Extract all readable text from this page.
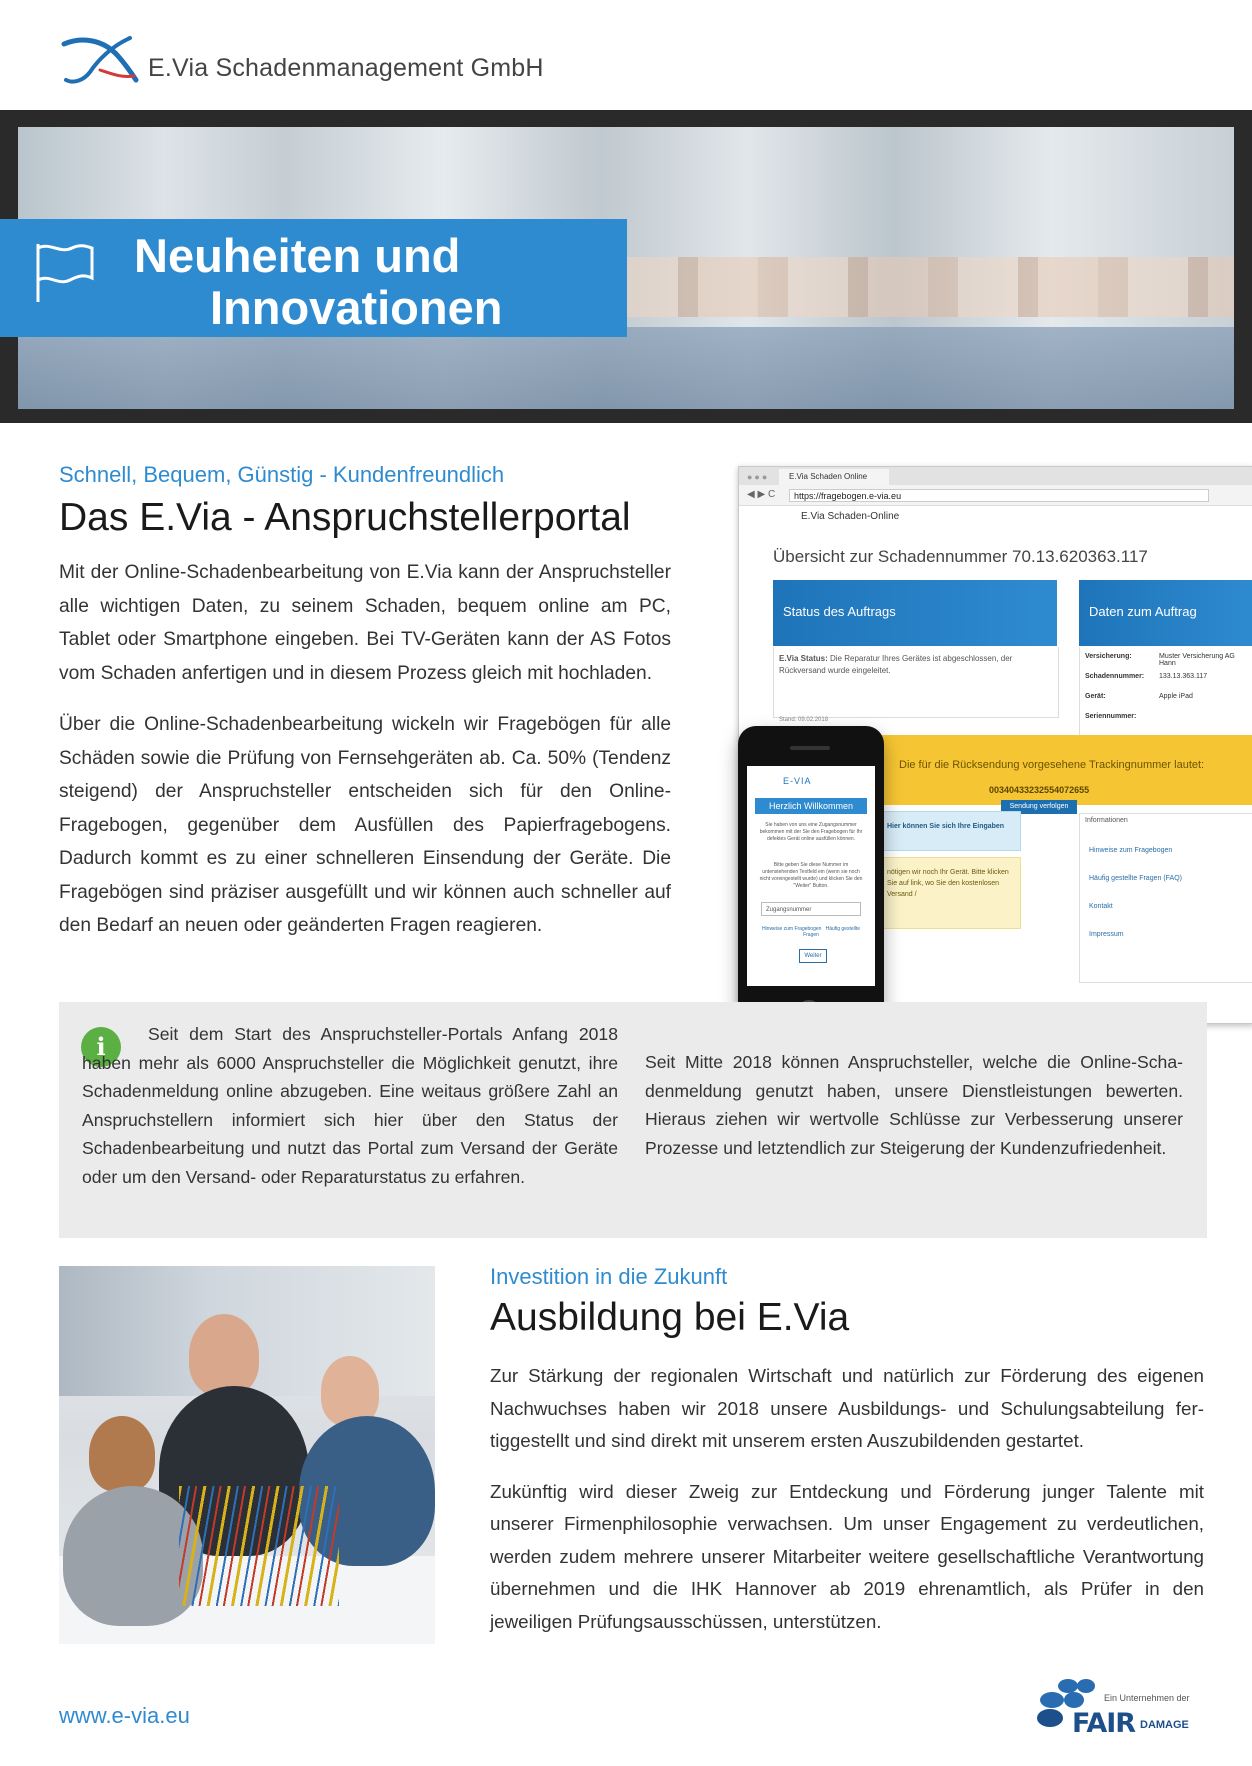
E.Via Schadenmanagement GmbH
Neuheiten und
Innovationen
Schnell, Bequem, Günstig - Kundenfreundlich
Das E.Via - Anspruchstellerportal

Mit der Online-Schadenbearbeitung von E.Via kann der Anspruchsteller alle wichtigen Daten, zu seinem Schaden, bequem online am PC, Tablet oder Smartphone eingeben. Bei TV-Geräten kann der AS Fotos vom Schaden anfertigen und in diesem Prozess gleich mit hochladen.

Über die Online-Schadenbearbeitung wickeln wir Fragebögen für alle Schäden sowie die Prüfung von Fernsehgeräten ab. Ca. 50% (Tendenz steigend) der Anspruchsteller entscheiden sich für den Online-Fragebogen, gegenüber dem Ausfüllen des Papierfragebogens. Dadurch kommt es zu einer schnelleren Einsendung der Geräte. Die Fragebögen sind präziser ausgefüllt und wir können auch schneller auf den Bedarf an neuen oder geänderten Fragen reagieren.

●●●	E.Via Schaden Online
◀ ▶ C	https://fragebogen.e-via.eu
E.Via Schaden-Online
Übersicht zur Schadennummer 70.13.620363.117
Status des Auftrags	Daten zum Auftrag
E.Via Status: Die Reparatur Ihres Gerätes ist abgeschlossen, der Rückversand wurde eingeleitet.
Stand: 09.02.2018
Versicherung:	Muster Versicherung AG Hann
Schadennummer: 133.13.363.117
Gerät:	Apple iPad
Seriennummer:
Die für die Rücksendung vorgesehene Trackingnummer lautet:
00340433232554072655
Sendung verfolgen
Hier können Sie sich Ihre Eingaben
nötigen wir noch Ihr Gerät. Bitte klicken Sie auf link, wo Sie den kostenlosen Versand /
Informationen
Hinweise zum Fragebogen
Häufig gestellte Fragen (FAQ)
Kontakt
Impressum
E-VIA
Herzlich Willkommen
Sie haben von uns eine Zugangsnummer bekommen mit der Sie den Fragebogen für Ihr defektes Gerät online ausfüllen können.
Bitte geben Sie diese Nummer im untenstehenden Textfeld ein (wenn sie noch nicht voreingestellt wurde) und klicken Sie den "Weiter" Button.
Zugangsnummer
Hinweise zum Fragebogen Häufig gestellte Fragen
Weiter
i	Seit dem Start des Anspruchsteller-Portals Anfang 2018 haben mehr als 6000 Anspruchsteller die Möglichkeit genutzt, ihre Schadenmeldung online abzugeben. Eine weitaus größere Zahl an Anspruchstellern informiert sich hier über den Status der Schadenbearbeitung und nutzt das Portal zum Versand der Geräte oder um den Versand- oder Reparaturstatus zu erfahren.
Seit Mitte 2018 können Anspruchsteller, welche die Online-Schadenmeldung genutzt haben, unsere Dienstleistungen bewerten. Hieraus ziehen wir wertvolle Schlüsse zur Verbesserung unserer Prozesse und letztendlich zur Steigerung der Kundenzufriedenheit.
Investition in die Zukunft
Ausbildung bei E.Via

Zur Stärkung der regionalen Wirtschaft und natürlich zur Förderung des eigenen Nachwuchses haben wir 2018 unsere Ausbildungs- und Schulungsabteilung fertiggestellt und sind direkt mit unserem ersten Auszubildenden gestartet.

Zukünftig wird dieser Zweig zur Entdeckung und Förderung junger Talente mit unserer Firmenphilosophie verwachsen. Um unser Engagement zu verdeutlichen, werden zudem mehrere unserer Mitarbeiter weitere gesellschaftliche Verantwortung übernehmen und die IHK Hannover ab 2019 ehrenamtlich, als Prüfer in den jeweiligen Prüfungsausschüssen, unterstützen.

www.e-via.eu
Ein Unternehmen der
FAIR DAMAGE
